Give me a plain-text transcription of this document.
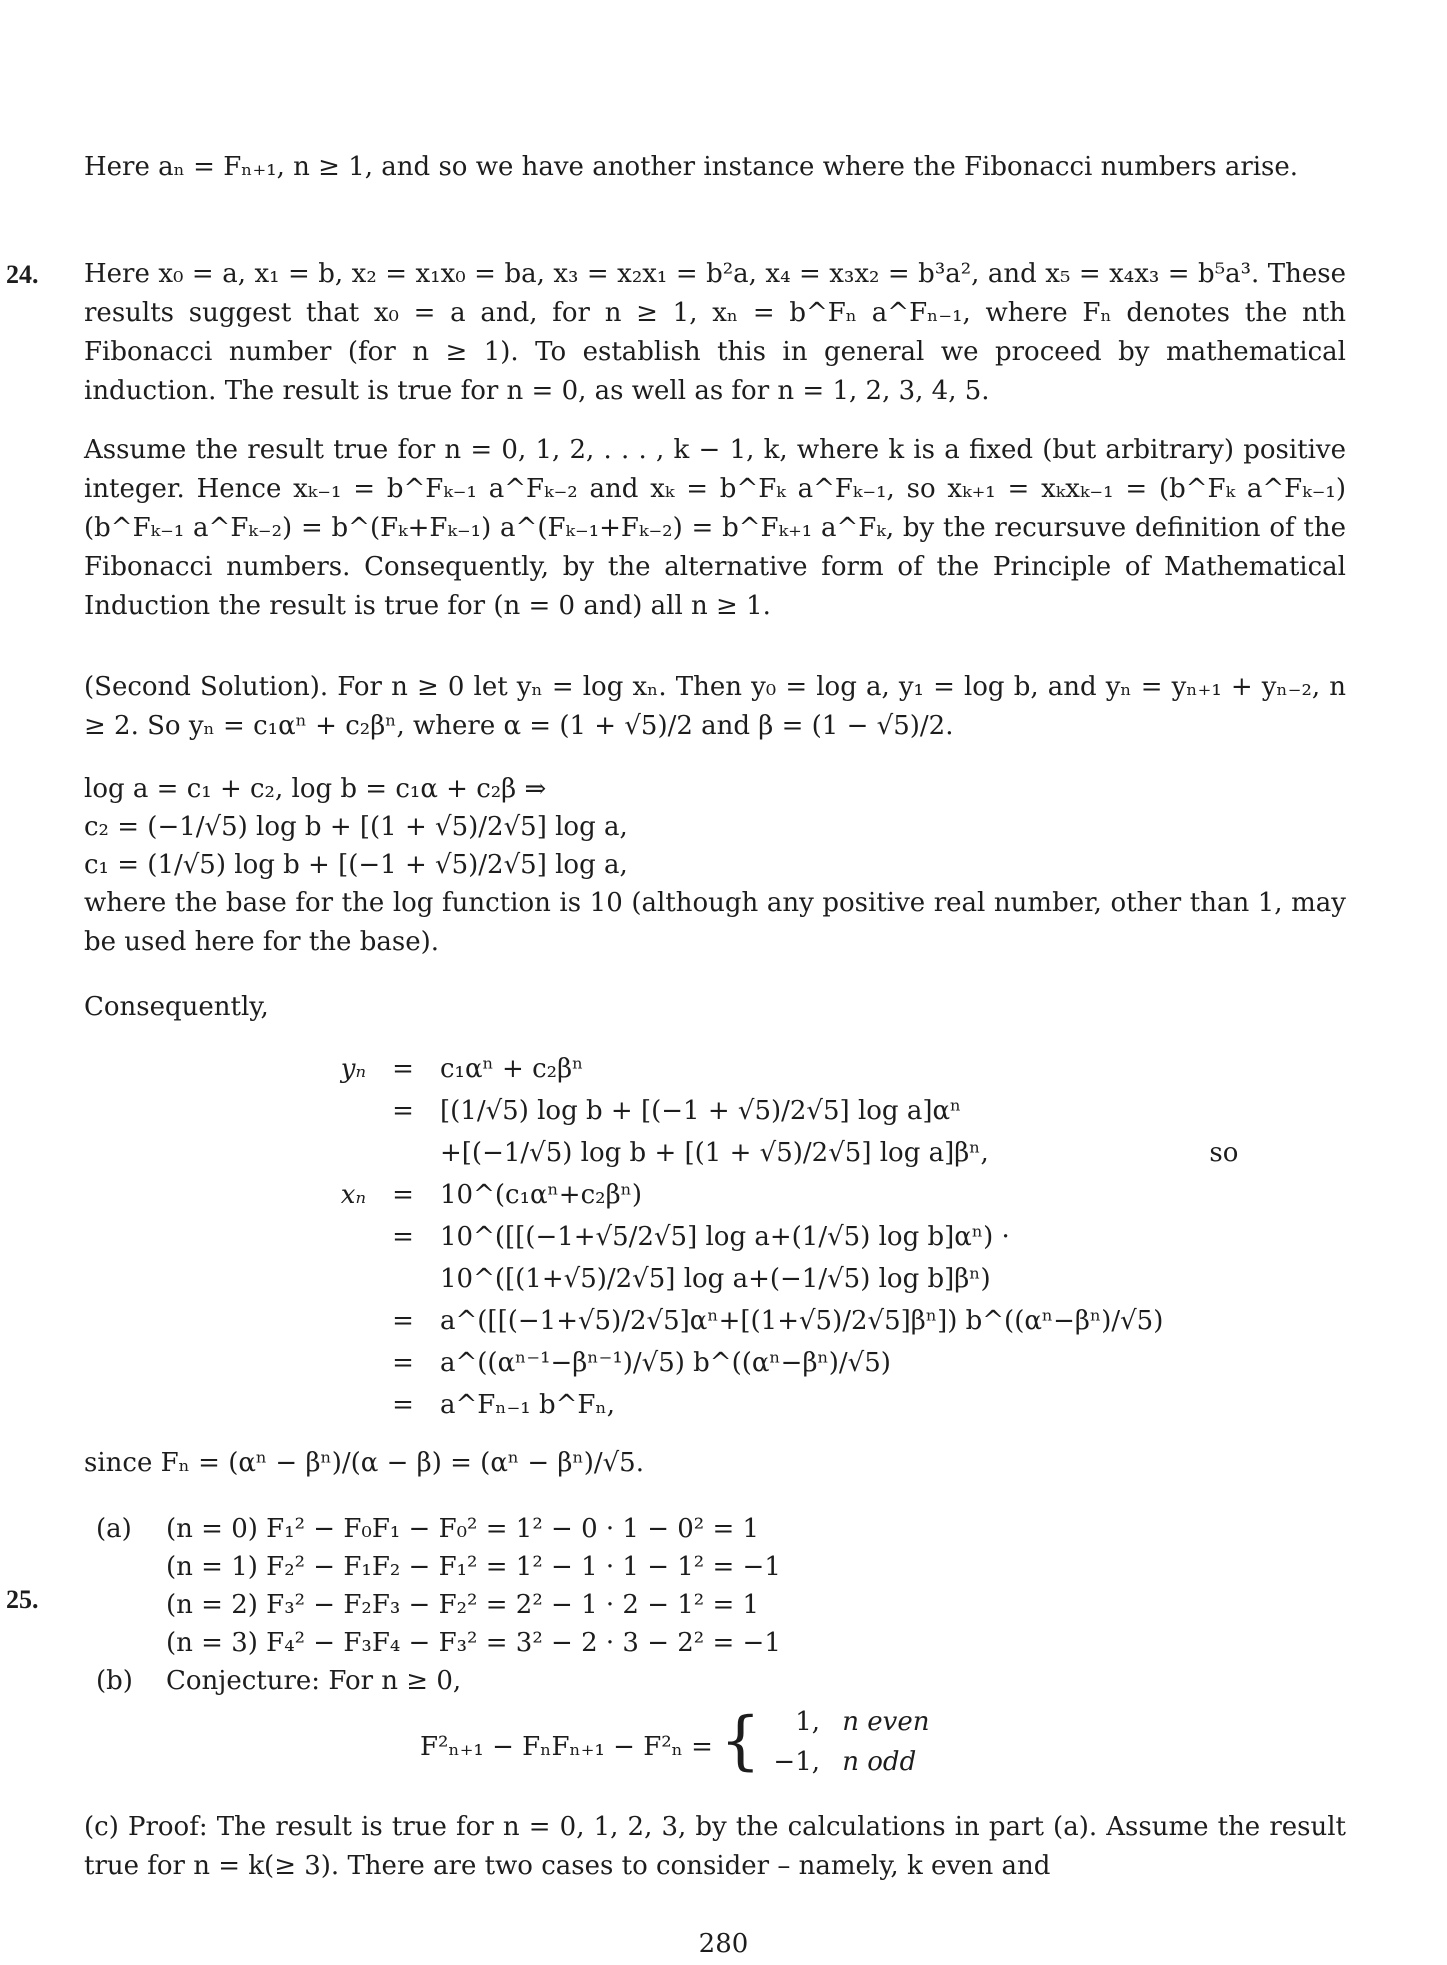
Here aₙ = Fₙ₊₁, n ≥ 1, and so we have another instance where the Fibonacci numbers arise.

24. Here x₀ = a, x₁ = b, x₂ = x₁x₀ = ba, x₃ = x₂x₁ = b²a, x₄ = x₃x₂ = b³a², and x₅ = x₄x₃ = b⁵a³. These results suggest that x₀ = a and, for n ≥ 1, xₙ = b^Fₙ a^Fₙ₋₁, where Fₙ denotes the nth Fibonacci number (for n ≥ 1). To establish this in general we proceed by mathematical induction. The result is true for n = 0, as well as for n = 1, 2, 3, 4, 5.

Assume the result true for n = 0, 1, 2, . . . , k − 1, k, where k is a fixed (but arbitrary) positive integer. Hence xₖ₋₁ = b^Fₖ₋₁ a^Fₖ₋₂ and xₖ = b^Fₖ a^Fₖ₋₁, so xₖ₊₁ = xₖxₖ₋₁ = (b^Fₖ a^Fₖ₋₁)(b^Fₖ₋₁ a^Fₖ₋₂) = b^(Fₖ+Fₖ₋₁) a^(Fₖ₋₁+Fₖ₋₂) = b^Fₖ₊₁ a^Fₖ, by the recursuve definition of the Fibonacci numbers. Consequently, by the alternative form of the Principle of Mathematical Induction the result is true for (n = 0 and) all n ≥ 1.

(Second Solution). For n ≥ 0 let yₙ = log xₙ. Then y₀ = log a, y₁ = log b, and yₙ = yₙ₊₁ + yₙ₋₂, n ≥ 2. So yₙ = c₁αⁿ + c₂βⁿ, where α = (1 + √5)/2 and β = (1 − √5)/2.

log a = c₁ + c₂, log b = c₁α + c₂β ⇒
c₂ = (−1/√5) log b + [(1 + √5)/2√5] log a,
c₁ = (1/√5) log b + [(−1 + √5)/2√5] log a,

where the base for the log function is 10 (although any positive real number, other than 1, may be used here for the base).

Consequently,

yₙ	=	c₁αⁿ + c₂βⁿ	
	=	[(1/√5) log b + [(−1 + √5)/2√5] log a]αⁿ	
		+[(−1/√5) log b + [(1 + √5)/2√5] log a]βⁿ,	so
xₙ	=	10^(c₁αⁿ+c₂βⁿ)	
	=	10^([[(−1+√5/2√5] log a+(1/√5) log b]αⁿ) ·	
		10^([(1+√5)/2√5] log a+(−1/√5) log b]βⁿ)	
	=	a^([[(−1+√5)/2√5]αⁿ+[(1+√5)/2√5]βⁿ]) b^((αⁿ−βⁿ)/√5)	
	=	a^((αⁿ⁻¹−βⁿ⁻¹)/√5) b^((αⁿ−βⁿ)/√5)	
	=	a^Fₙ₋₁ b^Fₙ,	

since Fₙ = (αⁿ − βⁿ)/(α − β) = (αⁿ − βⁿ)/√5.

25.
(a) (n = 0) F₁² − F₀F₁ − F₀² = 1² − 0 · 1 − 0² = 1
(n = 1) F₂² − F₁F₂ − F₁² = 1² − 1 · 1 − 1² = −1
(n = 2) F₃² − F₂F₃ − F₂² = 2² − 1 · 2 − 1² = 1
(n = 3) F₄² − F₃F₄ − F₃² = 3² − 2 · 3 − 2² = −1
(b) Conjecture: For n ≥ 0,
F²ₙ₊₁ − FₙFₙ₊₁ − F²ₙ = {	1, n even
−1, n odd

(c) Proof: The result is true for n = 0, 1, 2, 3, by the calculations in part (a). Assume the result true for n = k(≥ 3). There are two cases to consider – namely, k even and

280
